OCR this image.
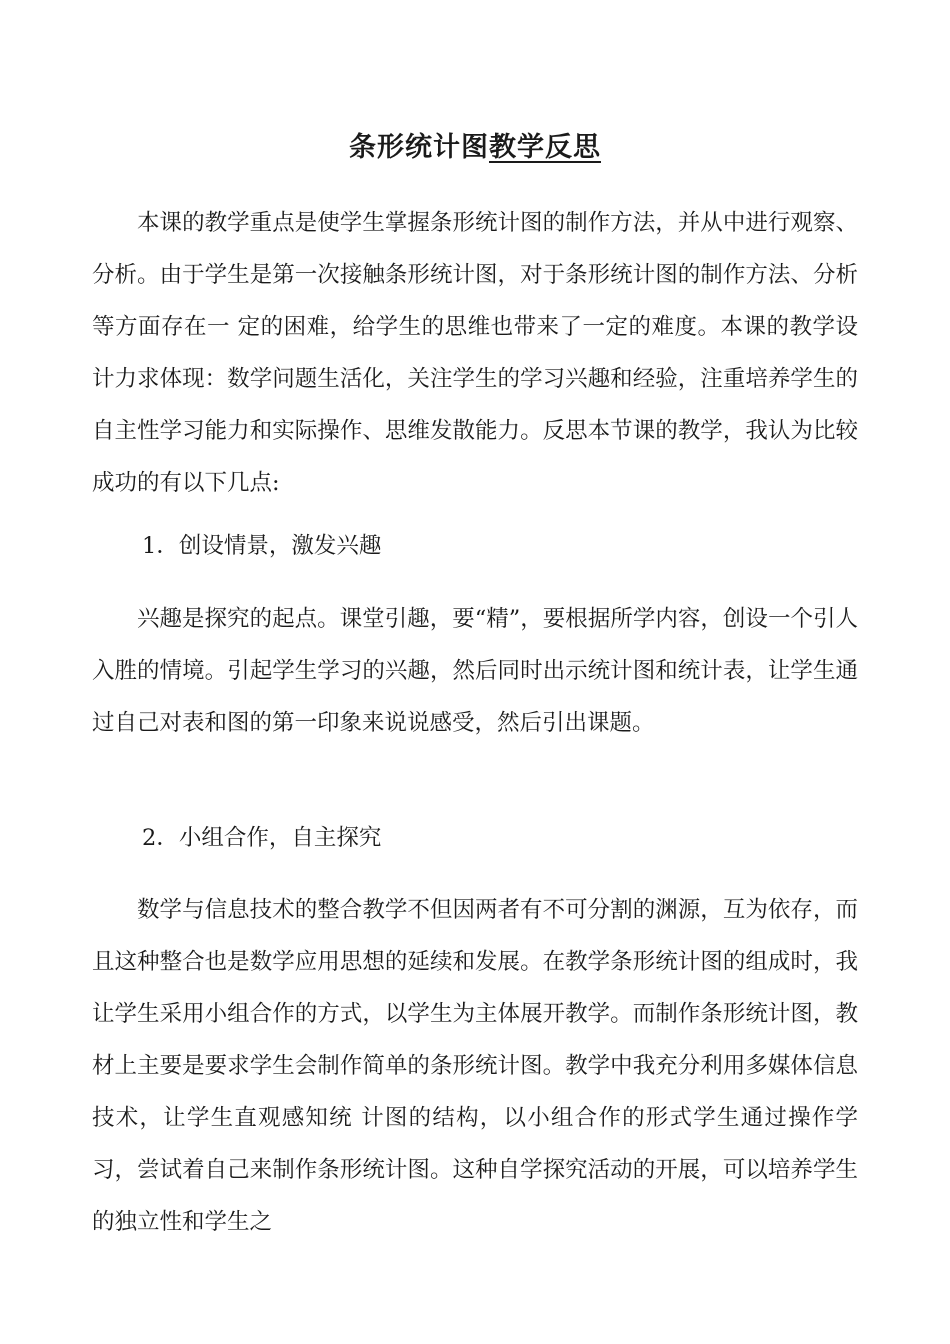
条形统计图教学反思

本课的教学重点是使学生掌握条形统计图的制作方法，并从中进行观察、分析。由于学生是第一次接触条形统计图，对于条形统计图的制作方法、分析等方面存在一 定的困难，给学生的思维也带来了一定的难度。本课的教学设计力求体现：数学问题生活化，关注学生的学习兴趣和经验，注重培养学生的自主性学习能力和实际操作、思维发散能力。反思本节课的教学，我认为比较成功的有以下几点:

1．创设情景，激发兴趣

兴趣是探究的起点。课堂引趣，要“精”，要根据所学内容，创设一个引人入胜的情境。引起学生学习的兴趣，然后同时出示统计图和统计表，让学生通过自己对表和图的第一印象来说说感受，然后引出课题。

2．小组合作，自主探究

数学与信息技术的整合教学不但因两者有不可分割的渊源，互为依存，而且这种整合也是数学应用思想的延续和发展。在教学条形统计图的组成时，我让学生采用小组合作的方式，以学生为主体展开教学。而制作条形统计图，教材上主要是要求学生会制作简单的条形统计图。教学中我充分利用多媒体信息技术，让学生直观感知统 计图的结构，以小组合作的形式学生通过操作学习，尝试着自己来制作条形统计图。这种自学探究活动的开展，可以培养学生的独立性和学生之
